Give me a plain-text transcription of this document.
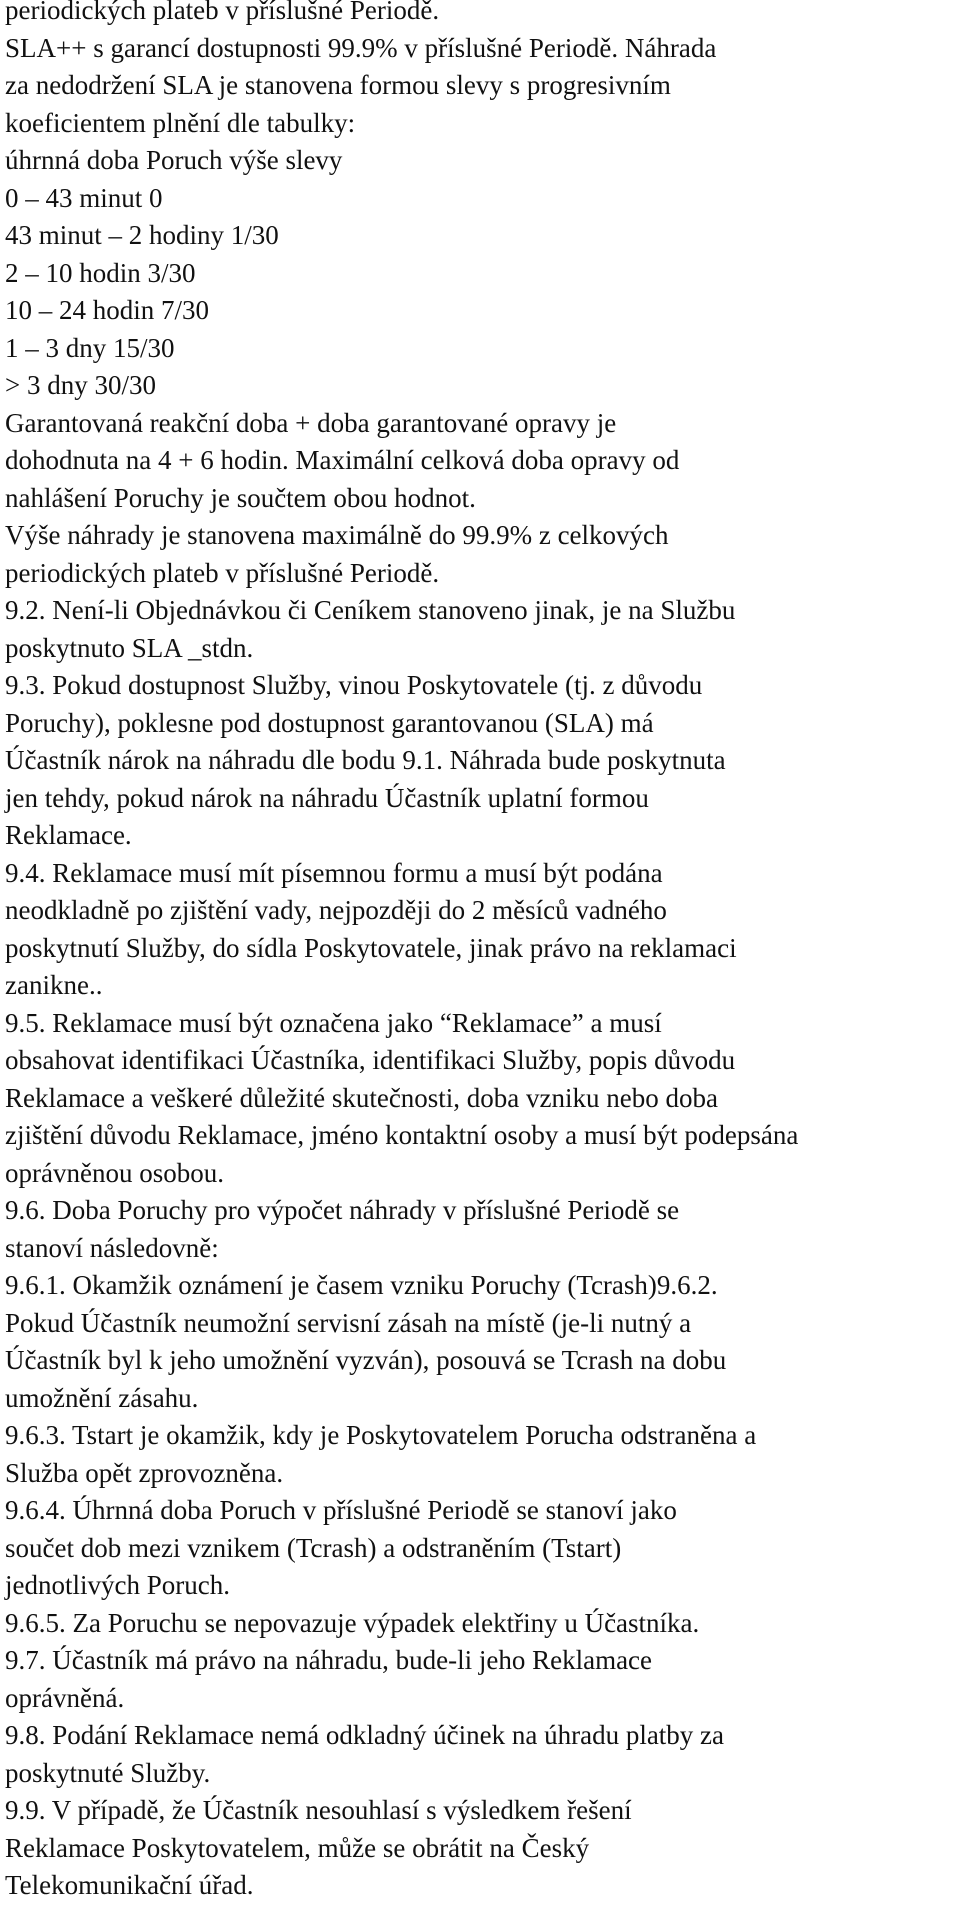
periodických plateb v příslušné Periodě.
SLA++ s garancí dostupnosti 99.9% v příslušné Periodě. Náhrada
za nedodržení SLA je stanovena formou slevy s progresivním
koeficientem plnění dle tabulky:
úhrnná doba Poruch výše slevy
0 – 43 minut 0
43 minut – 2 hodiny 1/30
2 – 10 hodin 3/30
10 – 24 hodin 7/30
1 – 3 dny 15/30
> 3 dny 30/30
Garantovaná reakční doba + doba garantované opravy je
dohodnuta na 4 + 6 hodin. Maximální celková doba opravy od
nahlášení Poruchy je součtem obou hodnot.
Výše náhrady je stanovena maximálně do 99.9% z celkových
periodických plateb v příslušné Periodě.
9.2. Není-li Objednávkou či Ceníkem stanoveno jinak, je na Službu
poskytnuto SLA _stdn.
9.3. Pokud dostupnost Služby, vinou Poskytovatele (tj. z důvodu
Poruchy), poklesne pod dostupnost garantovanou (SLA) má
Účastník nárok na náhradu dle bodu 9.1. Náhrada bude poskytnuta
jen tehdy, pokud nárok na náhradu Účastník uplatní formou
Reklamace.
9.4. Reklamace musí mít písemnou formu a musí být podána
neodkladně po zjištění vady, nejpozději do 2 měsíců vadného
poskytnutí Služby, do sídla Poskytovatele, jinak právo na reklamaci
zanikne..
9.5. Reklamace musí být označena jako “Reklamace” a musí
obsahovat identifikaci Účastníka, identifikaci Služby, popis důvodu
Reklamace a veškeré důležité skutečnosti, doba vzniku nebo doba
zjištění důvodu Reklamace, jméno kontaktní osoby a musí být podepsána
oprávněnou osobou.
9.6. Doba Poruchy pro výpočet náhrady v příslušné Periodě se
stanoví následovně:
9.6.1. Okamžik oznámení je časem vzniku Poruchy (Tcrash)9.6.2.
Pokud Účastník neumožní servisní zásah na místě (je-li nutný a
Účastník byl k jeho umožnění vyzván), posouvá se Tcrash na dobu
umožnění zásahu.
9.6.3. Tstart je okamžik, kdy je Poskytovatelem Porucha odstraněna a
Služba opět zprovozněna.
9.6.4. Úhrnná doba Poruch v příslušné Periodě se stanoví jako
součet dob mezi vznikem (Tcrash) a odstraněním (Tstart)
jednotlivých Poruch.
9.6.5. Za Poruchu se nepovazuje výpadek elektřiny u Účastníka.
9.7. Účastník má právo na náhradu, bude-li jeho Reklamace
oprávněná.
9.8. Podání Reklamace nemá odkladný účinek na úhradu platby za
poskytnuté Služby.
9.9. V případě, že Účastník nesouhlasí s výsledkem řešení
Reklamace Poskytovatelem, může se obrátit na Český
Telekomunikační úřad.
